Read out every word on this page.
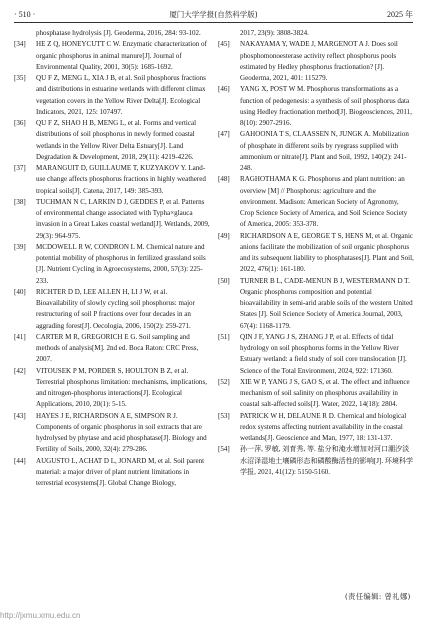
· 510 ·	厦门大学学报(自然科学版)	2025 年

phosphatase hydrolysis [J]. Geoderma, 2016, 284: 93-102.

[34] HE Z Q, HONEYCUTT C W. Enzymatic characterization of organic phosphorus in animal manure[J]. Journal of Environmental Quality, 2001, 30(5): 1685-1692.

[35] QU F Z, MENG L, XIA J B, et al. Soil phosphorus fractions and distributions in estuarine wetlands with different climax vegetation covers in the Yellow River Delta[J]. Ecological Indicators, 2021, 125: 107497.

[36] QU F Z, SHAO H B, MENG L, et al. Forms and vertical distributions of soil phosphorus in newly formed coastal wetlands in the Yellow River Delta Estuary[J]. Land Degradation & Development, 2018, 29(11): 4219-4226.

[37] MARANGUIT D, GUILLAUME T, KUZYAKOV Y. Land-use change affects phosphorus fractions in highly weathered tropical soils[J]. Catena, 2017, 149: 385-393.

[38] TUCHMAN N C, LARKIN D J, GEDDES P, et al. Patterns of environmental change associated with Typha×glauca invasion in a Great Lakes coastal wetland[J]. Wetlands, 2009, 29(3): 964-975.

[39] MCDOWELL R W, CONDRON L M. Chemical nature and potential mobility of phosphorus in fertilized grassland soils [J]. Nutrient Cycling in Agroecosystems, 2000, 57(3): 225-233.

[40] RICHTER D D, LEE ALLEN H, LI J W, et al. Bioavailability of slowly cycling soil phosphorus: major restructuring of soil P fractions over four decades in an aggrading forest[J]. Oecologia, 2006, 150(2): 259-271.

[41] CARTER M R, GREGORICH E G. Soil sampling and methods of analysis[M]. 2nd ed. Boca Raton: CRC Press, 2007.

[42] VITOUSEK P M, PORDER S, HOULTON B Z, et al. Terrestrial phosphorus limitation: mechanisms, implications, and nitrogen-phosphorus interactions[J]. Ecological Applications, 2010, 20(1): 5-15.

[43] HAYES J E, RICHARDSON A E, SIMPSON R J. Components of organic phosphorus in soil extracts that are hydrolysed by phytase and acid phosphatase[J]. Biology and Fertility of Soils, 2000, 32(4): 279-286.

[44] AUGUSTO L, ACHAT D L, JONARD M, et al. Soil parent material: a major driver of plant nutrient limitations in terrestrial ecosystems[J]. Global Change Biology,

2017, 23(9): 3808-3824.

[45] NAKAYAMA Y, WADE J, MARGENOT A J. Does soil phosphomonoesterase activity reflect phosphorus pools estimated by Hedley phosphorus fractionation? [J]. Geoderma, 2021, 401: 115279.

[46] YANG X, POST W M. Phosphorus transformations as a function of pedogenesis: a synthesis of soil phosphorus data using Hedley fractionation method[J]. Biogeosciences, 2011, 8(10): 2907-2916.

[47] GAHOONIA T S, CLAASSEN N, JUNGK A. Mobilization of phosphate in different soils by ryegrass supplied with ammonium or nitrate[J]. Plant and Soil, 1992, 140(2): 241-248.

[48] RAGHOTHAMA K G. Phosphorus and plant nutrition: an overview [M] // Phosphorus: agriculture and the environment. Madison: American Society of Agronomy, Crop Science Society of America, and Soil Science Society of America, 2005: 353-378.

[49] RICHARDSON A E, GEORGE T S, HENS M, et al. Organic anions facilitate the mobilization of soil organic phosphorus and its subsequent liability to phosphatases[J]. Plant and Soil, 2022, 476(1): 161-180.

[50] TURNER B L, CADE-MENUN B J, WESTERMANN D T. Organic phosphorus composition and potential bioavailability in semi-arid arable soils of the western United States [J]. Soil Science Society of America Journal, 2003, 67(4): 1168-1179.

[51] QIN J F, YANG J S, ZHANG J P, et al. Effects of tidal hydrology on soil phosphorus forms in the Yellow River Estuary wetland: a field study of soil core translocation [J]. Science of the Total Environment, 2024, 922: 171360.

[52] XIE W P, YANG J S, GAO S, et al. The effect and influence mechanism of soil salinity on phosphorus availability in coastal salt-affected soils[J]. Water, 2022, 14(18): 2804.

[53] PATRICK W H, DELAUNE R D. Chemical and biological redox systems affecting nutrient availability in the coastal wetlands[J]. Geoscience and Man, 1977, 18: 131-137.

[54] 孙一萍, 罗敏, 刘育秀, 等. 盐分和淹水增加对河口潮汐淡水沼泽湿地土壤磷形态和磷酸酶活性的影响[J]. 环境科学学报, 2021, 41(12): 5150-5160.

(责任编辑: 曾礼娜)
http://jxmu.xmu.edu.cn
